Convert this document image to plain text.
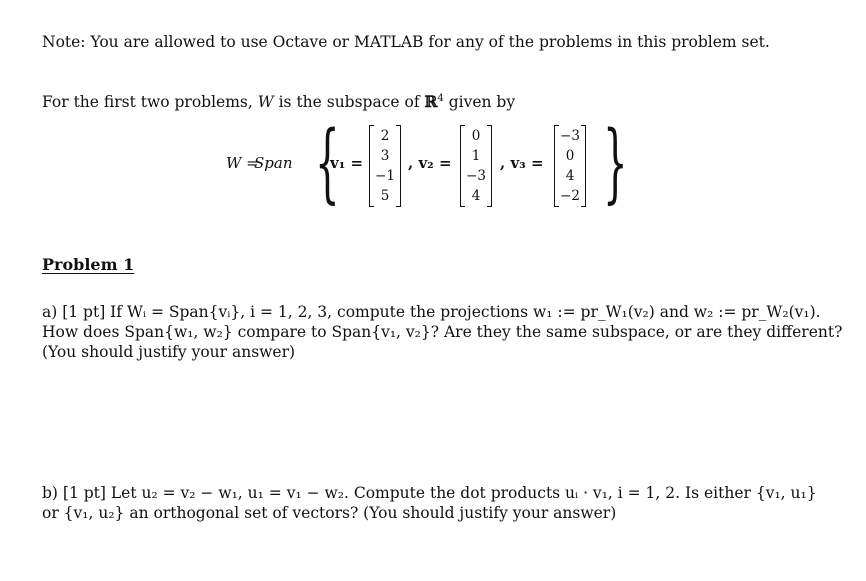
Note: You are allowed to use Octave or MATLAB for any of the problems in this problem set.
For the first two problems, W is the subspace of ℝ$^4$ given by
W =
Span {
v₁ =
2
3
−1
5
, v₂ =
0
1
−3
4
, v₃ =
−3
0
4
−2 }
Problem 1
a) [1 pt] If Wᵢ = Span{vᵢ}, i = 1, 2, 3, compute the projections w₁ := pr_W₁(v₂) and w₂ := pr_W₂(v₁).
How does Span{w₁, w₂} compare to Span{v₁, v₂}? Are they the same subspace, or are they different?
(You should justify your answer)
b) [1 pt] Let u₂ = v₂ − w₁, u₁ = v₁ − w₂. Compute the dot products uᵢ · v₁, i = 1, 2. Is either {v₁, u₁}
or {v₁, u₂} an orthogonal set of vectors? (You should justify your answer)
